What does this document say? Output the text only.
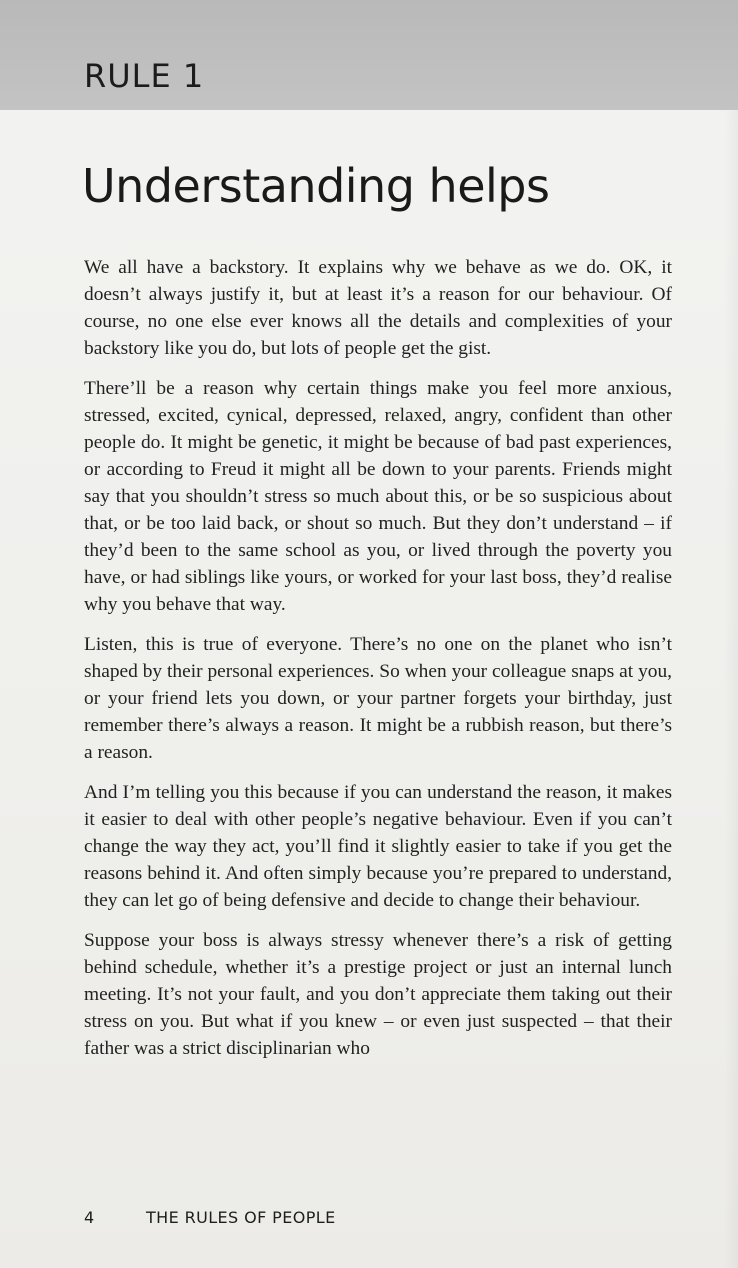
RULE 1
Understanding helps

We all have a backstory. It explains why we behave as we do. OK, it doesn’t always justify it, but at least it’s a reason for our behaviour. Of course, no one else ever knows all the details and complexities of your backstory like you do, but lots of people get the gist.

There’ll be a reason why certain things make you feel more anxious, stressed, excited, cynical, depressed, relaxed, angry, confident than other people do. It might be genetic, it might be because of bad past experiences, or according to Freud it might all be down to your parents. Friends might say that you shouldn’t stress so much about this, or be so suspicious about that, or be too laid back, or shout so much. But they don’t understand – if they’d been to the same school as you, or lived through the poverty you have, or had siblings like yours, or worked for your last boss, they’d realise why you behave that way.

Listen, this is true of everyone. There’s no one on the planet who isn’t shaped by their personal experiences. So when your colleague snaps at you, or your friend lets you down, or your partner forgets your birthday, just remember there’s always a reason. It might be a rubbish reason, but there’s a reason.

And I’m telling you this because if you can understand the reason, it makes it easier to deal with other people’s negative behaviour. Even if you can’t change the way they act, you’ll find it slightly easier to take if you get the reasons behind it. And often simply because you’re prepared to understand, they can let go of being defensive and decide to change their behaviour.

Suppose your boss is always stressy whenever there’s a risk of getting behind schedule, whether it’s a prestige project or just an internal lunch meeting. It’s not your fault, and you don’t appreciate them taking out their stress on you. But what if you knew – or even just suspected – that their father was a strict disciplinarian who

4	THE RULES OF PEOPLE
